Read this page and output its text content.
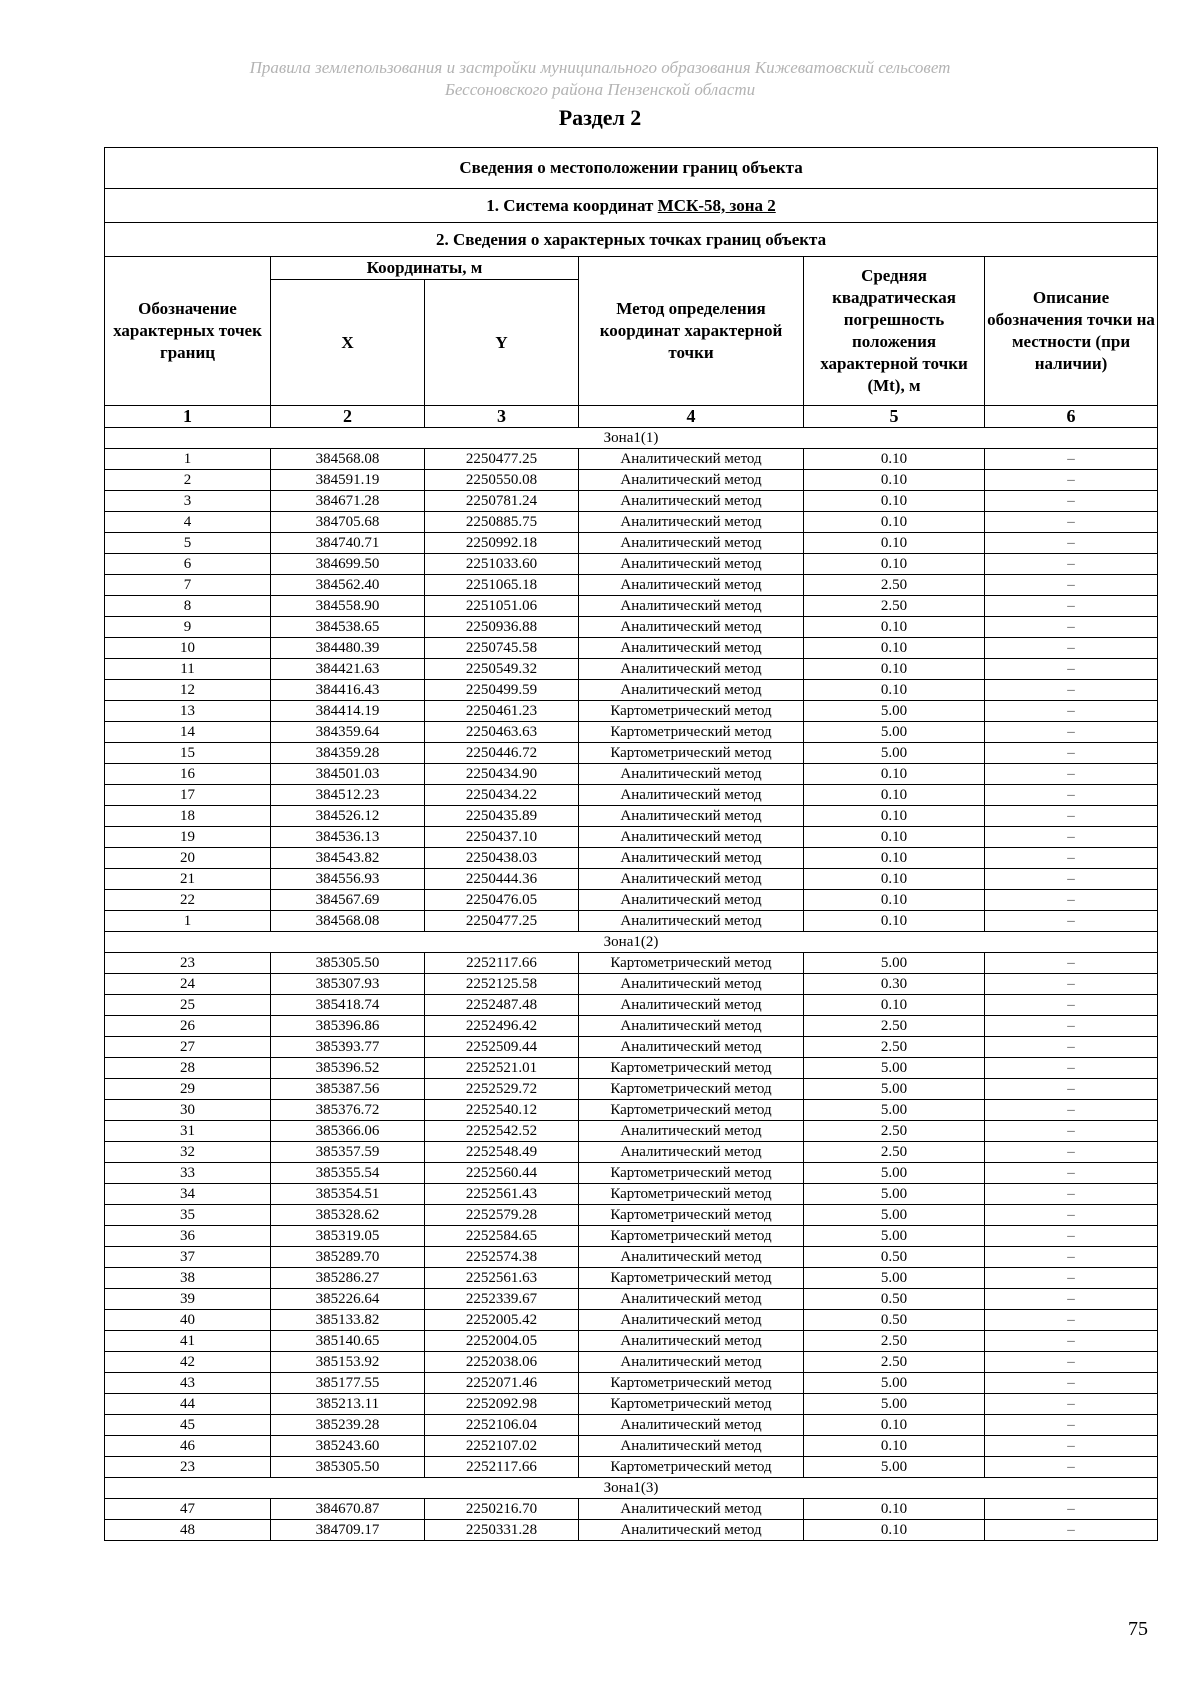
Правила землепользования и застройки муниципального образования Кижеватовский сельсовет
Бессоновского района Пензенской области
Раздел 2
Сведения о местоположении границ объекта					
1. Система координат МСК-58, зона 2					
2. Сведения о характерных точках границ объекта					
Обозначение характерных точек границ	Координаты, м		Метод определения координат характерной точки	Средняя квадратическая погрешность положения характерной точки (Mt), м	Описание обозначения точки на местности (при наличии)
	X	Y			
1	2	3	4	5	6
Зона1(1)					
1	384568.08	2250477.25	Аналитический метод	0.10	–
2	384591.19	2250550.08	Аналитический метод	0.10	–
3	384671.28	2250781.24	Аналитический метод	0.10	–
4	384705.68	2250885.75	Аналитический метод	0.10	–
5	384740.71	2250992.18	Аналитический метод	0.10	–
6	384699.50	2251033.60	Аналитический метод	0.10	–
7	384562.40	2251065.18	Аналитический метод	2.50	–
8	384558.90	2251051.06	Аналитический метод	2.50	–
9	384538.65	2250936.88	Аналитический метод	0.10	–
10	384480.39	2250745.58	Аналитический метод	0.10	–
11	384421.63	2250549.32	Аналитический метод	0.10	–
12	384416.43	2250499.59	Аналитический метод	0.10	–
13	384414.19	2250461.23	Картометрический метод	5.00	–
14	384359.64	2250463.63	Картометрический метод	5.00	–
15	384359.28	2250446.72	Картометрический метод	5.00	–
16	384501.03	2250434.90	Аналитический метод	0.10	–
17	384512.23	2250434.22	Аналитический метод	0.10	–
18	384526.12	2250435.89	Аналитический метод	0.10	–
19	384536.13	2250437.10	Аналитический метод	0.10	–
20	384543.82	2250438.03	Аналитический метод	0.10	–
21	384556.93	2250444.36	Аналитический метод	0.10	–
22	384567.69	2250476.05	Аналитический метод	0.10	–
1	384568.08	2250477.25	Аналитический метод	0.10	–
Зона1(2)					
23	385305.50	2252117.66	Картометрический метод	5.00	–
24	385307.93	2252125.58	Аналитический метод	0.30	–
25	385418.74	2252487.48	Аналитический метод	0.10	–
26	385396.86	2252496.42	Аналитический метод	2.50	–
27	385393.77	2252509.44	Аналитический метод	2.50	–
28	385396.52	2252521.01	Картометрический метод	5.00	–
29	385387.56	2252529.72	Картометрический метод	5.00	–
30	385376.72	2252540.12	Картометрический метод	5.00	–
31	385366.06	2252542.52	Аналитический метод	2.50	–
32	385357.59	2252548.49	Аналитический метод	2.50	–
33	385355.54	2252560.44	Картометрический метод	5.00	–
34	385354.51	2252561.43	Картометрический метод	5.00	–
35	385328.62	2252579.28	Картометрический метод	5.00	–
36	385319.05	2252584.65	Картометрический метод	5.00	–
37	385289.70	2252574.38	Аналитический метод	0.50	–
38	385286.27	2252561.63	Картометрический метод	5.00	–
39	385226.64	2252339.67	Аналитический метод	0.50	–
40	385133.82	2252005.42	Аналитический метод	0.50	–
41	385140.65	2252004.05	Аналитический метод	2.50	–
42	385153.92	2252038.06	Аналитический метод	2.50	–
43	385177.55	2252071.46	Картометрический метод	5.00	–
44	385213.11	2252092.98	Картометрический метод	5.00	–
45	385239.28	2252106.04	Аналитический метод	0.10	–
46	385243.60	2252107.02	Аналитический метод	0.10	–
23	385305.50	2252117.66	Картометрический метод	5.00	–
Зона1(3)					
47	384670.87	2250216.70	Аналитический метод	0.10	–
48	384709.17	2250331.28	Аналитический метод	0.10	–
75
